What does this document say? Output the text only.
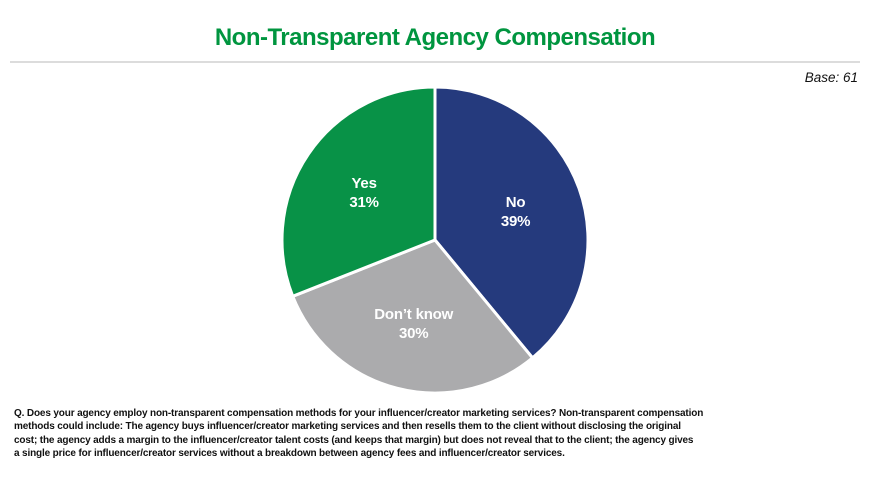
Non-Transparent Agency Compensation
Base: 61
No 39%
Don’t know 30%
Yes 31%
Q. Does your agency employ non-transparent compensation methods for your influencer/creator marketing services? Non-transparent compensation
methods could include: The agency buys influencer/creator marketing services and then resells them to the client without disclosing the original
cost; the agency adds a margin to the influencer/creator talent costs (and keeps that margin) but does not reveal that to the client; the agency gives
a single price for influencer/creator services without a breakdown between agency fees and influencer/creator services.
